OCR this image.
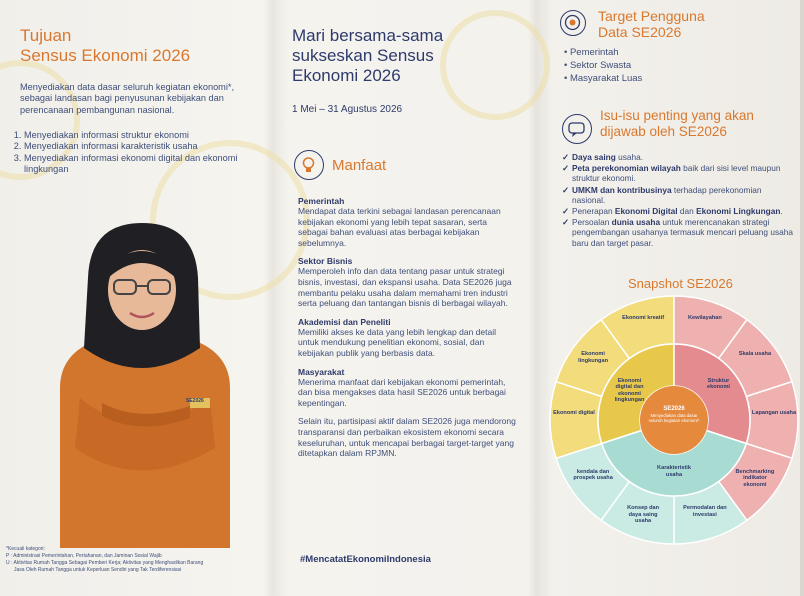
Tujuan
Sensus Ekonomi 2026
Menyediakan data dasar seluruh kegiatan ekonomi*, sebagai landasan bagi penyusunan kebijakan dan perencanaan pembangunan nasional.
1. Menyediakan informasi struktur ekonomi
2. Menyediakan informasi karakteristik usaha
3. Menyediakan informasi ekonomi digital dan ekonomi lingkungan
SE2026
*Kecuali kategori:
P : Administrasi Pemerintahan, Pertahanan, dan Jaminan Sosial Wajib
U : Aktivitas Rumah Tangga Sebagai Pemberi Kerja; Aktivitas yang Menghasilkan Barang
Jasa Oleh Rumah Tangga untuk Keperluan Sendiri yang Tak Terdiferensiasi
Mari bersama-sama
sukseskan Sensus
Ekonomi 2026
1 Mei – 31 Agustus 2026
Manfaat
Pemerintah
Mendapat data terkini sebagai landasan perencanaan kebijakan ekonomi yang lebih tepat sasaran, serta sebagai bahan evaluasi atas berbagai kebijakan sebelumnya.
Sektor Bisnis
Memperoleh info dan data tentang pasar untuk strategi bisnis, investasi, dan ekspansi usaha. Data SE2026 juga membantu pelaku usaha dalam memahami tren industri serta peluang dan tantangan bisnis di berbagai wilayah.
Akademisi dan Peneliti
Memiliki akses ke data yang lebih lengkap dan detail untuk mendukung penelitian ekonomi, sosial, dan kebijakan publik yang berbasis data.
Masyarakat
Menerima manfaat dari kebijakan ekonomi pemerintah, dan bisa mengakses data hasil SE2026 untuk berbagai kepentingan.
Selain itu, partisipasi aktif dalam SE2026 juga mendorong transparansi dan perbaikan ekosistem ekonomi secara keseluruhan, untuk mencapai berbagai target-target yang ditetapkan dalam RPJMN.
#MencatatEkonomiIndonesia
Target Pengguna
Data SE2026
• Pemerintah
• Sektor Swasta
• Masyarakat Luas
Isu-isu penting yang akan
dijawab oleh SE2026
✓ Daya saing usaha.
✓ Peta perekonomian wilayah baik dari sisi level maupun struktur ekonomi.
✓ UMKM dan kontribusinya terhadap perekonomian nasional.
✓ Penerapan Ekonomi Digital dan Ekonomi Lingkungan.
✓ Persoalan dunia usaha untuk merencanakan strategi pengembangan usahanya termasuk mencari peluang usaha baru dan target pasar.
Snapshot SE2026
SE2026
Menyediakan data dasar seluruh kegiatan ekonomi*
Ekonomi kreatif	Kewilayahan
Skala usaha
Lapangan usaha
Benchmarking indikator ekonomi
Permodalan dan investasi
Konsep dan daya saing usaha
kendala dan prospek usaha
Ekonomi digital
Ekonomi lingkungan
Ekonomi digital dan ekonomi lingkungan
Struktur ekonomi
Karakteristik usaha
